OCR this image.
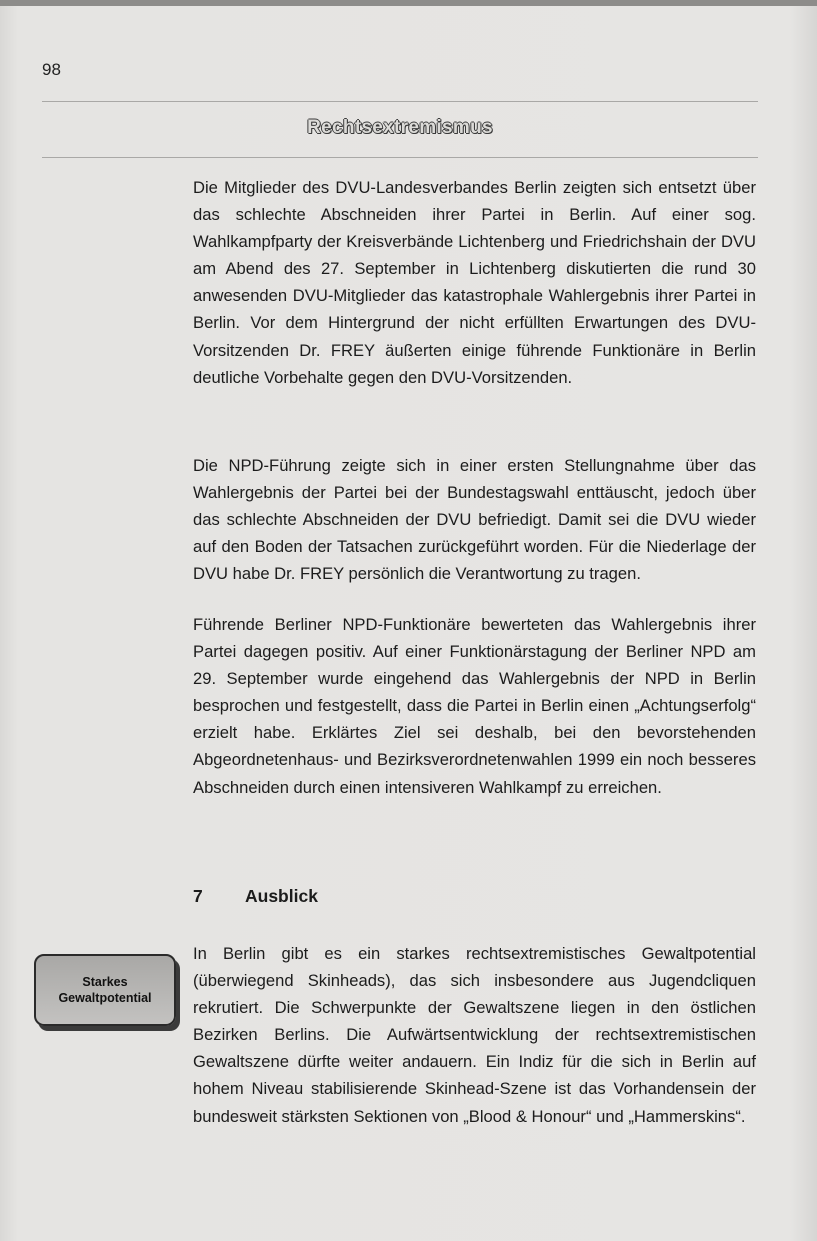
98
Rechtsextremismus

Die Mitglieder des DVU-Landesverbandes Berlin zeigten sich entsetzt über das schlechte Abschneiden ihrer Partei in Berlin. Auf einer sog. Wahlkampfparty der Kreisverbände Lichtenberg und Friedrichshain der DVU am Abend des 27. September in Lichtenberg diskutierten die rund 30 anwesenden DVU-Mitglieder das katastrophale Wahlergebnis ihrer Partei in Berlin. Vor dem Hintergrund der nicht erfüllten Erwartungen des DVU-Vorsitzenden Dr. FREY äußerten einige führende Funktionäre in Berlin deutliche Vorbehalte gegen den DVU-Vorsitzenden.

Die NPD-Führung zeigte sich in einer ersten Stellungnahme über das Wahlergebnis der Partei bei der Bundestagswahl enttäuscht, jedoch über das schlechte Abschneiden der DVU befriedigt. Damit sei die DVU wieder auf den Boden der Tatsachen zurückgeführt worden. Für die Niederlage der DVU habe Dr. FREY persönlich die Verantwortung zu tragen.

Führende Berliner NPD-Funktionäre bewerteten das Wahlergebnis ihrer Partei dagegen positiv. Auf einer Funktionärstagung der Berliner NPD am 29. September wurde eingehend das Wahlergebnis der NPD in Berlin besprochen und festgestellt, dass die Partei in Berlin einen „Achtungserfolg“ erzielt habe. Erklärtes Ziel sei deshalb, bei den bevorstehenden Abgeordnetenhaus- und Bezirksverordnetenwahlen 1999 ein noch besseres Abschneiden durch einen intensiveren Wahlkampf zu erreichen.

7 Ausblick
Starkes
Gewaltpotential

In Berlin gibt es ein starkes rechtsextremistisches Gewaltpotential (überwiegend Skinheads), das sich insbesondere aus Jugendcliquen rekrutiert. Die Schwerpunkte der Gewaltszene liegen in den östlichen Bezirken Berlins. Die Aufwärtsentwicklung der rechtsextremistischen Gewaltszene dürfte weiter andauern. Ein Indiz für die sich in Berlin auf hohem Niveau stabilisierende Skinhead-Szene ist das Vorhandensein der bundesweit stärksten Sektionen von „Blood & Honour“ und „Hammerskins“.
